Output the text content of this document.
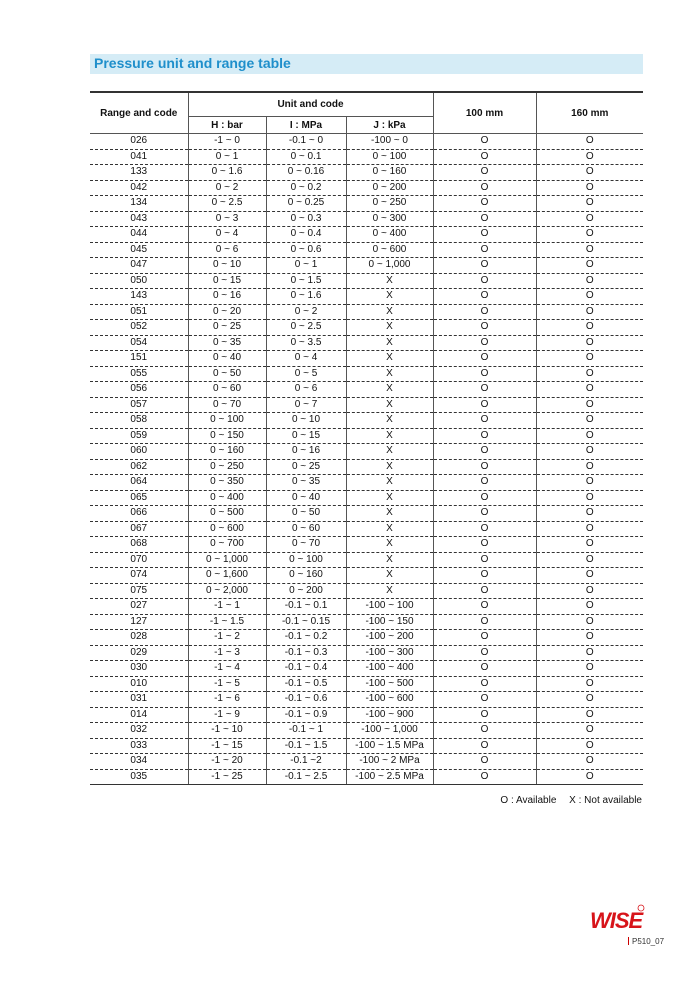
Pressure unit and range table
Range and code	Unit and code			100 mm	160 mm
	H : bar	I : MPa	J : kPa		
026	-1 ~ 0	-0.1 ~ 0	-100 ~ 0	O	O
041	0 ~ 1	0 ~ 0.1	0 ~ 100	O	O
133	0 ~ 1.6	0 ~ 0.16	0 ~ 160	O	O
042	0 ~ 2	0 ~ 0.2	0 ~ 200	O	O
134	0 ~ 2.5	0 ~ 0.25	0 ~ 250	O	O
043	0 ~ 3	0 ~ 0.3	0 ~ 300	O	O
044	0 ~ 4	0 ~ 0.4	0 ~ 400	O	O
045	0 ~ 6	0 ~ 0.6	0 ~ 600	O	O
047	0 ~ 10	0 ~ 1	0 ~ 1,000	O	O
050	0 ~ 15	0 ~ 1.5	X	O	O
143	0 ~ 16	0 ~ 1.6	X	O	O
051	0 ~ 20	0 ~ 2	X	O	O
052	0 ~ 25	0 ~ 2.5	X	O	O
054	0 ~ 35	0 ~ 3.5	X	O	O
151	0 ~ 40	0 ~ 4	X	O	O
055	0 ~ 50	0 ~ 5	X	O	O
056	0 ~ 60	0 ~ 6	X	O	O
057	0 ~ 70	0 ~ 7	X	O	O
058	0 ~ 100	0 ~ 10	X	O	O
059	0 ~ 150	0 ~ 15	X	O	O
060	0 ~ 160	0 ~ 16	X	O	O
062	0 ~ 250	0 ~ 25	X	O	O
064	0 ~ 350	0 ~ 35	X	O	O
065	0 ~ 400	0 ~ 40	X	O	O
066	0 ~ 500	0 ~ 50	X	O	O
067	0 ~ 600	0 ~ 60	X	O	O
068	0 ~ 700	0 ~ 70	X	O	O
070	0 ~ 1,000	0 ~ 100	X	O	O
074	0 ~ 1,600	0 ~ 160	X	O	O
075	0 ~ 2,000	0 ~ 200	X	O	O
027	-1 ~ 1	-0.1 ~ 0.1	-100 ~ 100	O	O
127	-1 ~ 1.5	-0.1 ~ 0.15	-100 ~ 150	O	O
028	-1 ~ 2	-0.1 ~ 0.2	-100 ~ 200	O	O
029	-1 ~ 3	-0.1 ~ 0.3	-100 ~ 300	O	O
030	-1 ~ 4	-0.1 ~ 0.4	-100 ~ 400	O	O
010	-1 ~ 5	-0.1 ~ 0.5	-100 ~ 500	O	O
031	-1 ~ 6	-0.1 ~ 0.6	-100 ~ 600	O	O
014	-1 ~ 9	-0.1 ~ 0.9	-100 ~ 900	O	O
032	-1 ~ 10	-0.1 ~ 1	-100 ~ 1,000	O	O
033	-1 ~ 15	-0.1 ~ 1.5	-100 ~ 1.5 MPa	O	O
034	-1 ~ 20	-0.1 ~2	-100 ~ 2 MPa	O	O
035	-1 ~ 25	-0.1 ~ 2.5	-100 ~ 2.5 MPa	O	O
O : Available X : Not available
WISE
P510_07
